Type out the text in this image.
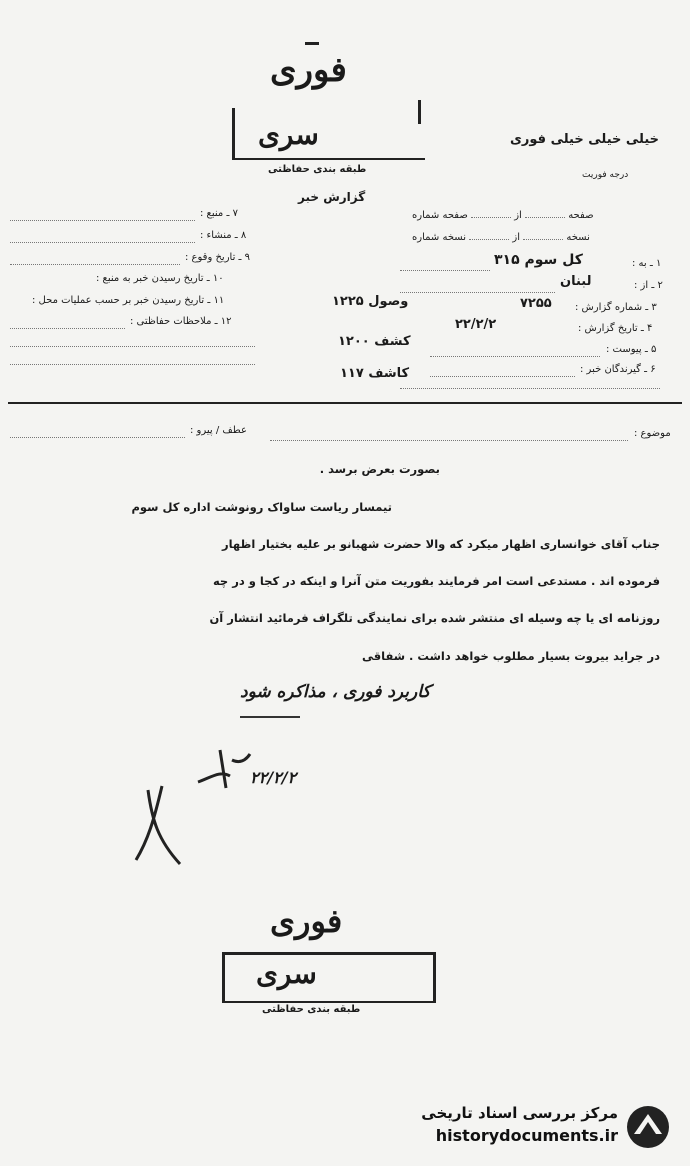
فوری
سری
طبقه بندی حفاظتی
خیلی خیلی خیلی فوری
درجه فوریت
گزارش خبر
۷ ـ منبع :
۸ ـ منشاء :
۹ ـ تاریخ وقوع :
۱۰ ـ تاریخ رسیدن خبر به منبع :
۱۱ ـ تاریخ رسیدن خبر بر حسب عملیات محل :
۱۲ ـ ملاحظات حفاظتی :
صفحه  از  صفحه شماره
نسخه  از  نسخه شماره
۱ ـ به :
کل سوم ۳۱۵
۲ ـ از :
لبنان
۳ ـ شماره گزارش :
۷۲۵۵
وصول ۱۲۲۵
۴ ـ تاریخ گزارش :
۲۲/۲/۲
۵ ـ پیوست :
کشف ۱۲۰۰
۶ ـ گیرندگان خبر :
کاشف ۱۱۷
موضوع :
عطف / پیرو :
بصورت بعرض برسد .
تیمسار ریاست ساواک رونوشت اداره کل سوم
جناب آقای خوانساری اظهار میکرد که والا حضرت شهبانو بر علیه بختیار اظهار
فرموده اند . مستدعی است امر فرمایند بفوریت متن آنرا و اینکه در کجا و در چه
روزنامه ای یا چه وسیله ای منتشر شده برای نمایندگی تلگراف فرمائید انتشار آن
در جراید بیروت بسیار مطلوب خواهد داشت . شفاقی
کاربرد فوری ، مذاکره شود
۲۲/۲/۲
فوری
سری
طبقه بندی حفاظتی
مرکز بررسی اسناد تاریخی
historydocuments.ir
